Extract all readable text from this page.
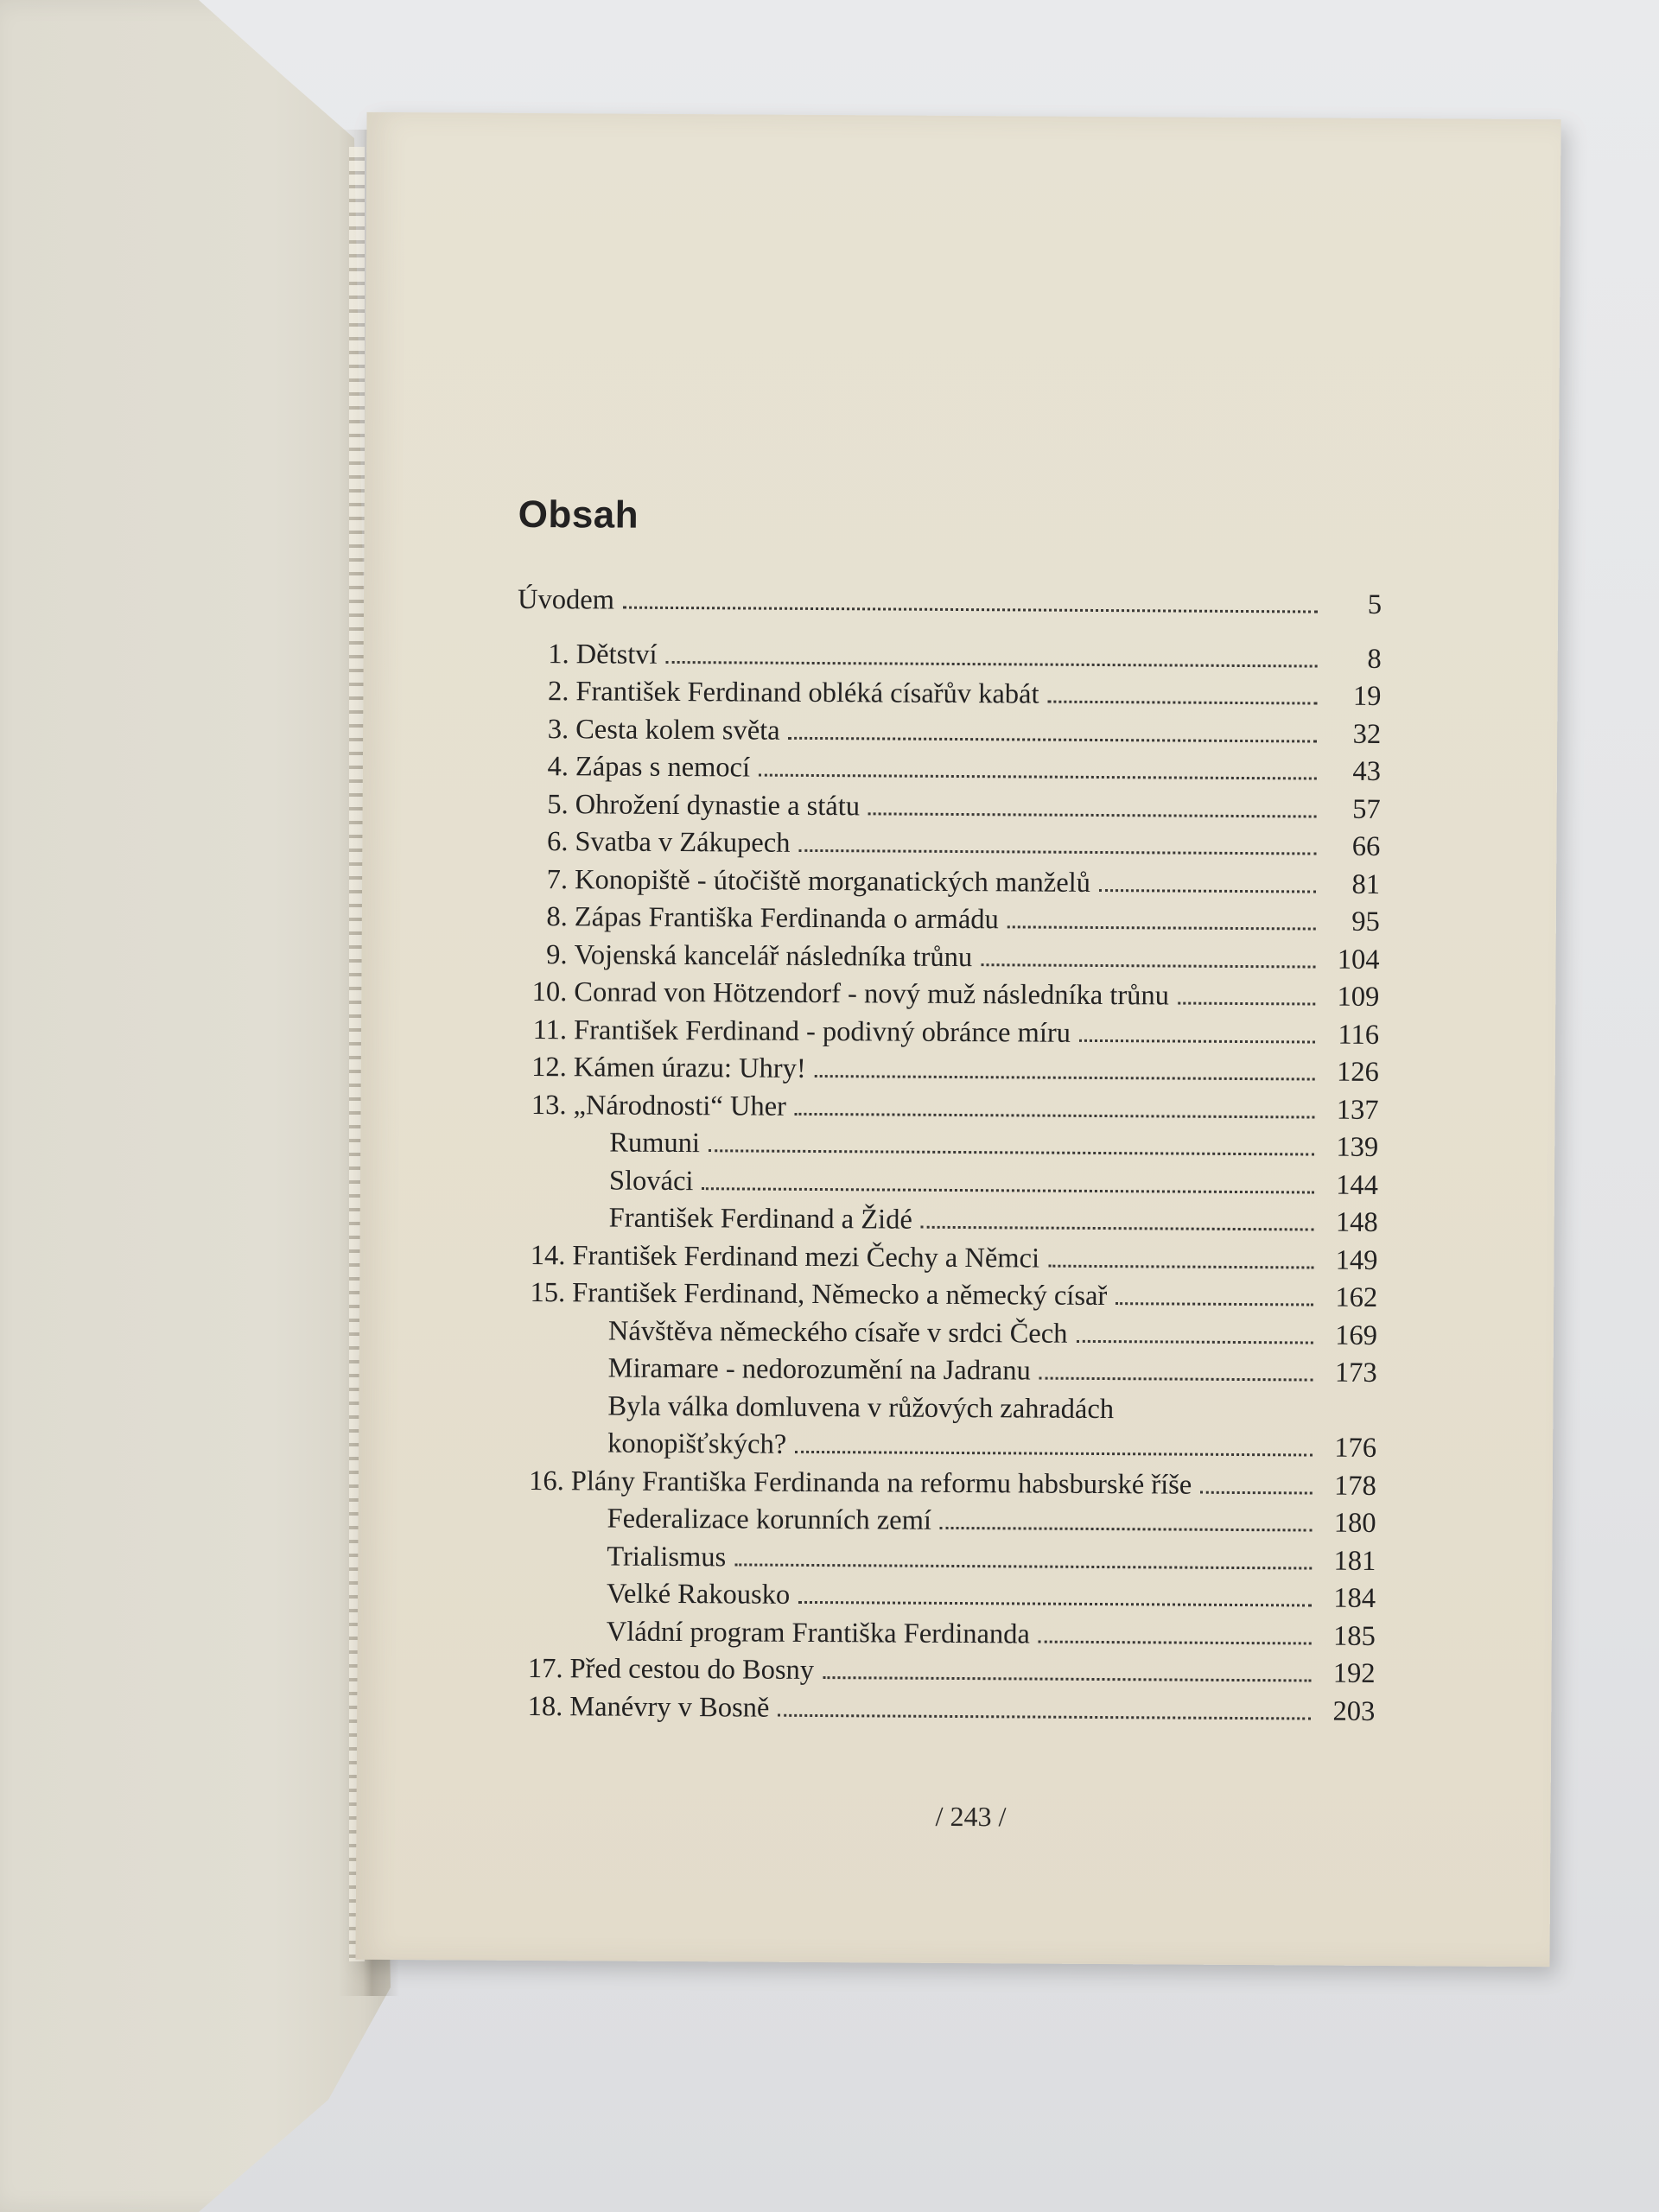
Obsah
Úvodem	5
1. Dětství	8
2. František Ferdinand obléká císařův kabát	19
3. Cesta kolem světa	32
4. Zápas s nemocí	43
5. Ohrožení dynastie a státu	57
6. Svatba v Zákupech	66
7. Konopiště - útočiště morganatických manželů	81
8. Zápas Františka Ferdinanda o armádu	95
9. Vojenská kancelář následníka trůnu	104
10. Conrad von Hötzendorf - nový muž následníka trůnu	109
11. František Ferdinand - podivný obránce míru	116
12. Kámen úrazu: Uhry!	126
13. „Národnosti“ Uher	137
Rumuni	139
Slováci	144
František Ferdinand a Židé	148
14. František Ferdinand mezi Čechy a Němci	149
15. František Ferdinand, Německo a německý císař	162
Návštěva německého císaře v srdci Čech	169
Miramare - nedorozumění na Jadranu	173
Byla válka domluvena v růžových zahradách
konopišťských?	176
16. Plány Františka Ferdinanda na reformu habsburské říše	178
Federalizace korunních zemí	180
Trialismus	181
Velké Rakousko	184
Vládní program Františka Ferdinanda	185
17. Před cestou do Bosny	192
18. Manévry v Bosně	203
/ 243 /
